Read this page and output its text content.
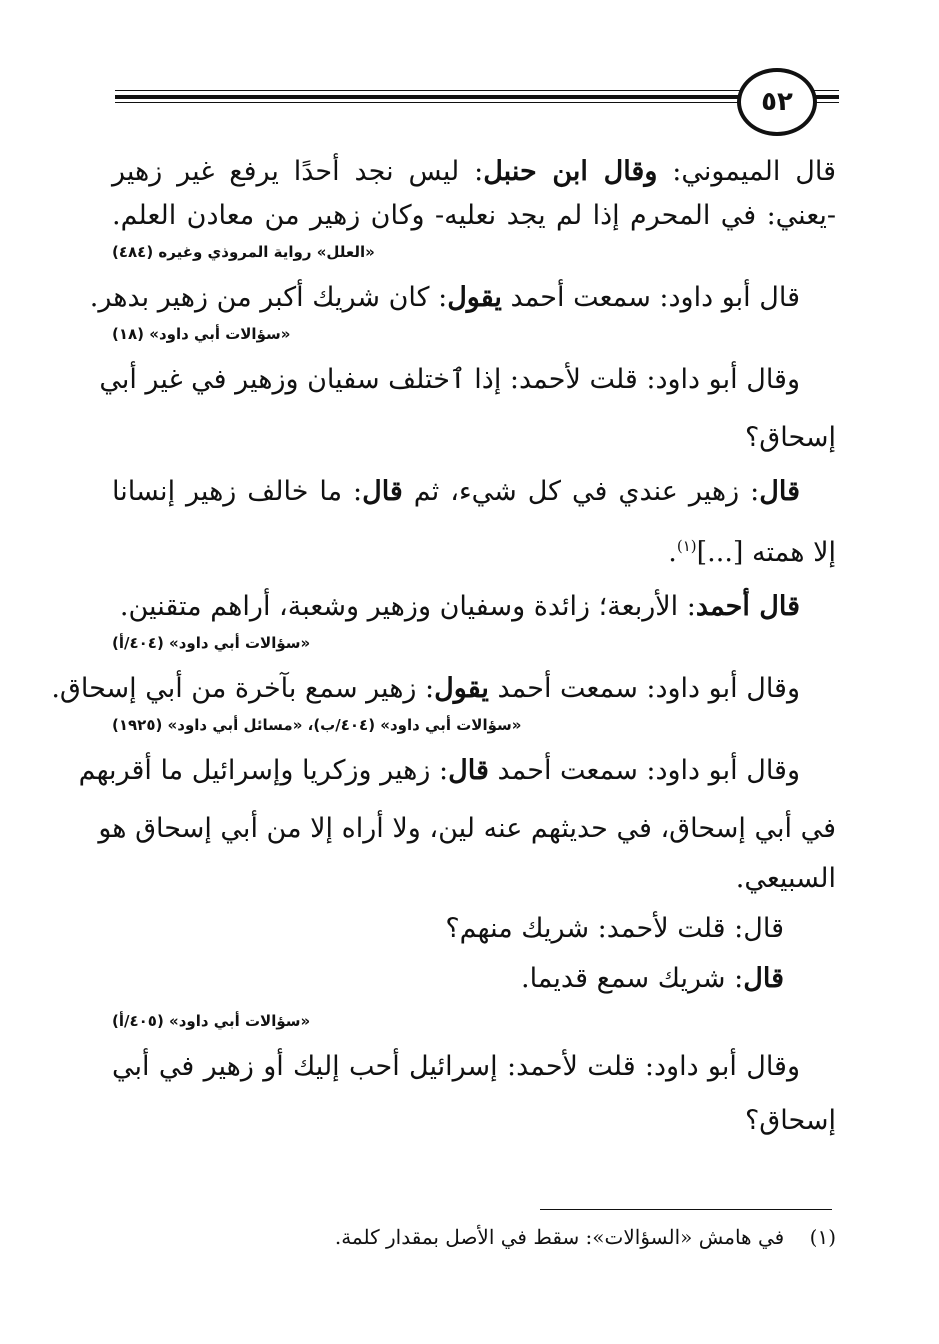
٥٢

قال الميموني: وقال ابن حنبل: ليس نجد أحدًا يرفع غير زهير

-يعني: في المحرم إذا لم يجد نعليه- وكان زهير من معادن العلم.

«العلل» رواية المروذي وغيره (٤٨٤)

قال أبو داود: سمعت أحمد يقول: كان شريك أكبر من زهير بدهر.

«سؤالات أبي داود» (١٨)

وقال أبو داود: قلت لأحمد: إذا ٱختلف سفيان وزهير في غير أبي

إسحاق؟

قال: زهير عندي في كل شيء، ثم قال: ما خالف زهير إنسانا

إلا همته [...]$^{(١)}$.

قال أحمد: الأربعة؛ زائدة وسفيان وزهير وشعبة، أراهم متقنين.

«سؤالات أبي داود» (٤٠٤/أ)

وقال أبو داود: سمعت أحمد يقول: زهير سمع بآخرة من أبي إسحاق.

«سؤالات أبي داود» (٤٠٤/ب)، «مسائل أبي داود» (١٩٢٥)

وقال أبو داود: سمعت أحمد قال: زهير وزكريا وإسرائيل ما أقربهم

في أبي إسحاق، في حديثهم عنه لين، ولا أراه إلا من أبي إسحاق هو

السبيعي.

قال: قلت لأحمد: شريك منهم؟

قال: شريك سمع قديما.

«سؤالات أبي داود» (٤٠٥/أ)

وقال أبو داود: قلت لأحمد: إسرائيل أحب إليك أو زهير في أبي

إسحاق؟

(١)    في هامش «السؤالات»: سقط في الأصل بمقدار كلمة.
